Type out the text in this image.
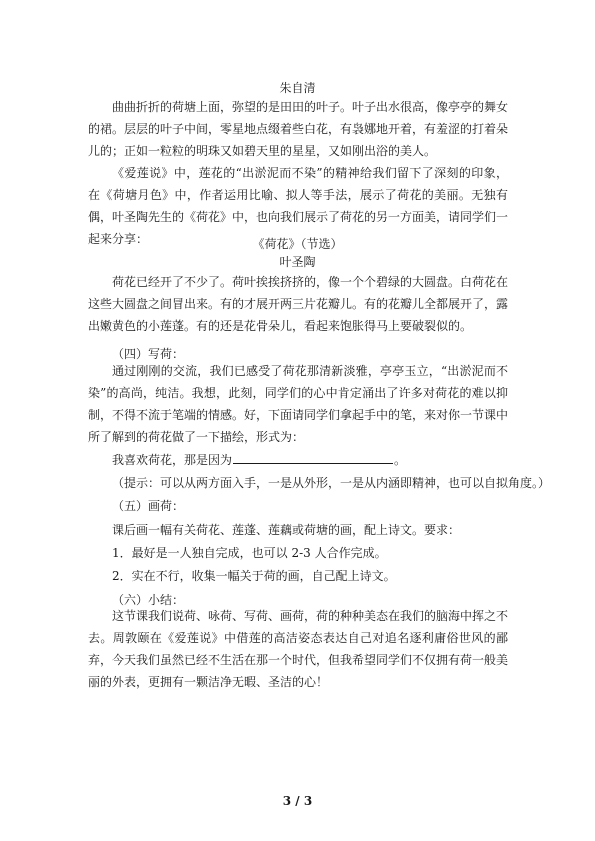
朱自清
曲曲折折的荷塘上面，弥望的是田田的叶子。叶子出水很高，像亭亭的舞女的裙。层层的叶子中间，零星地点缀着些白花，有袅娜地开着，有羞涩的打着朵儿的；正如一粒粒的明珠又如碧天里的星星，又如刚出浴的美人。
《爱莲说》中，莲花的“出淤泥而不染”的精神给我们留下了深刻的印象，在《荷塘月色》中，作者运用比喻、拟人等手法，展示了荷花的美丽。无独有偶，叶圣陶先生的《荷花》中，也向我们展示了荷花的另一方面美，请同学们一起来分享：	《荷花》（节选）
叶圣陶
荷花已经开了不少了。荷叶挨挨挤挤的，像一个个碧绿的大圆盘。白荷花在这些大圆盘之间冒出来。有的才展开两三片花瓣儿。有的花瓣儿全都展开了，露出嫩黄色的小莲蓬。有的还是花骨朵儿，看起来饱胀得马上要破裂似的。
（四）写荷：
通过刚刚的交流，我们已感受了荷花那清新淡雅，亭亭玉立，“出淤泥而不染”的高尚，纯洁。我想，此刻，同学们的心中肯定涌出了许多对荷花的难以抑制，不得不流于笔端的情感。好，下面请同学们拿起手中的笔，来对你一节课中所了解到的荷花做了一下描绘，形式为：
我喜欢荷花，那是因为	。
（提示：可以从两方面入手，一是从外形，一是从内涵即精神，也可以自拟角度。）
（五）画荷：
课后画一幅有关荷花、莲蓬、莲藕或荷塘的画，配上诗文。要求：
1．最好是一人独自完成，也可以 2-3 人合作完成。
2．实在不行，收集一幅关于荷的画，自己配上诗文。
（六）小结：
这节课我们说荷、咏荷、写荷、画荷，荷的种种美态在我们的脑海中挥之不去。周敦颐在《爱莲说》中借莲的高洁姿态表达自己对追名逐利庸俗世风的鄙弃，今天我们虽然已经不生活在那一个时代，但我希望同学们不仅拥有荷一般美丽的外表，更拥有一颗洁净无暇、圣洁的心！
3 / 3
